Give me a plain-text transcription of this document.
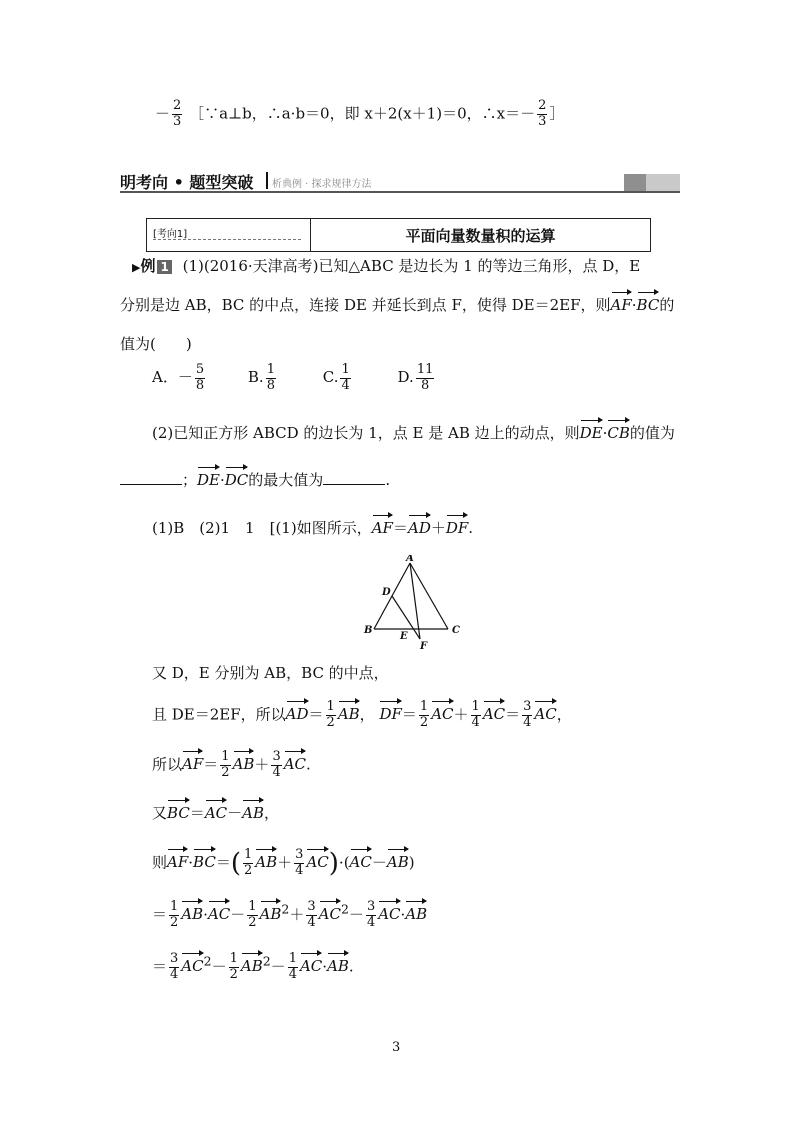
－ $\frac{2}{3}$ ［∵a⊥b，∴a·b＝0，即 x＋2(x＋1)＝0，∴x＝－ $\frac{2}{3}$ ］
明考向 • 题型突破 析典例 · 探求规律方法
[考向1]	平面向量数量积的运算
▶例 1 (1)(2016·天津高考)已知△ABC 是边长为 1 的等边三角形，点 D，E
分别是边 AB，BC 的中点，连接 DE 并延长到点 F，使得 DE＝2EF，则AF·BC的
值为(　　)
A．－ $\frac{5}{8}$	B. $\frac{1}{8}$	C. $\frac{1}{4}$	D. $\frac{11}{8}$
(2)已知正方形 ABCD 的边长为 1，点 E 是 AB 边上的动点，则DE·CB的值为
；DE·DC的最大值为	.
(1)B　(2)1　1　[(1)如图所示，AF＝AD＋DF.
A
D
B	C
E
F
又 D，E 分别为 AB，BC 的中点，
且 DE＝2EF，所以$AD= \frac{1}{2}$ AB， $DF= \frac{1}{2} AC+ \frac{1}{4} AC= \frac{3}{4}$ AC，
所以$AF= \frac{1}{2} AB+ \frac{3}{4}$ AC.
又BC＝AC－AB，
则$AF\cdot BC=( \frac{1}{2} AB+ \frac{3}{4} AC)\cdot(AC-AB)$
＝ $\frac{1}{2} AB\cdot AC- \frac{1}{2} AB^2+ \frac{3}{4} AC^2- \frac{3}{4} AC\cdot AB$
＝ $\frac{3}{4} AC^2- \frac{1}{2} AB^2- \frac{1}{4} AC\cdot AB$.
3
